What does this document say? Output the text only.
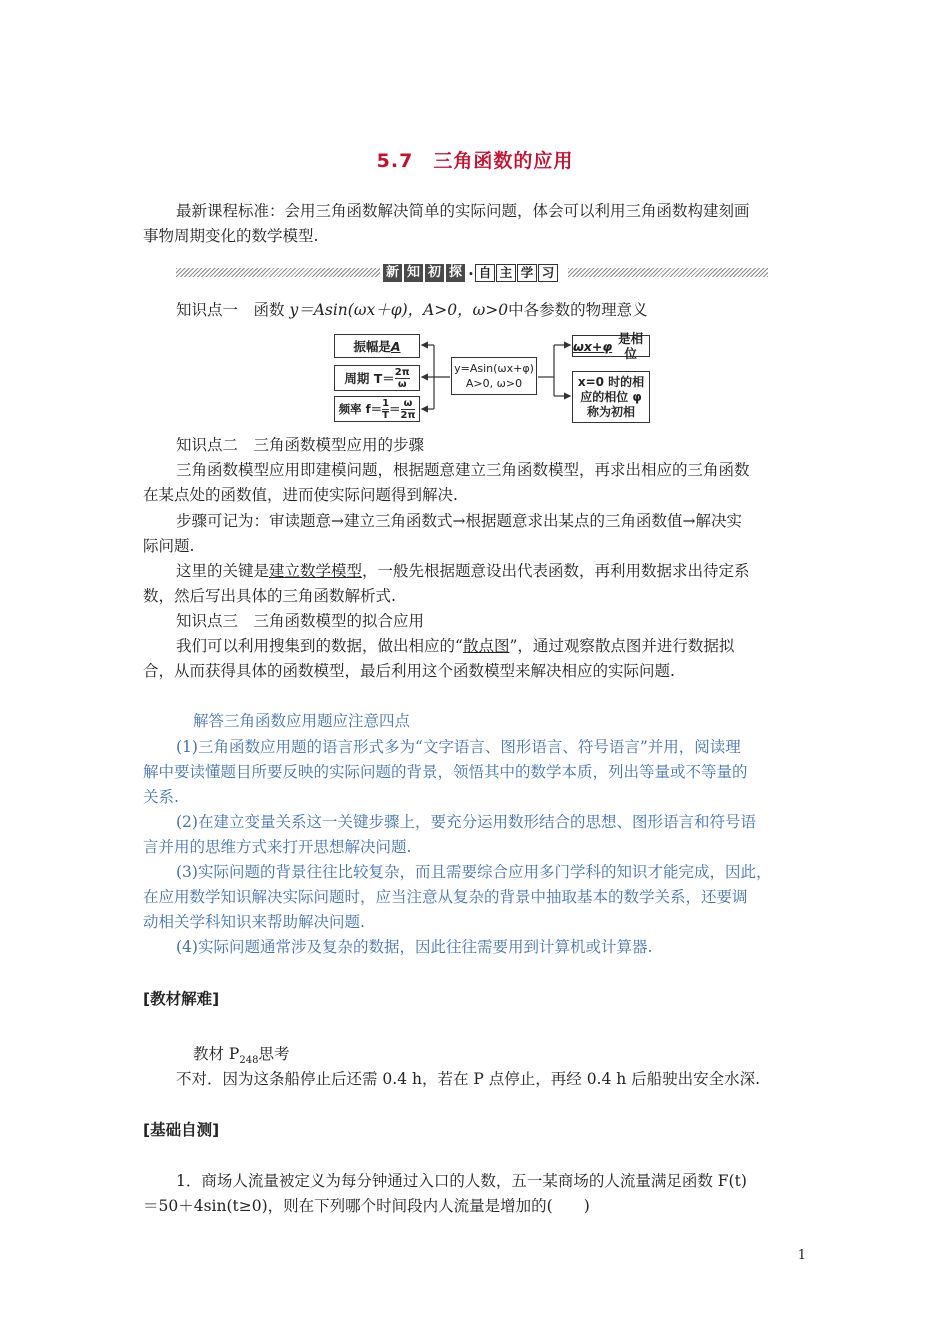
5.7　三角函数的应用
最新课程标准：会用三角函数解决简单的实际问题，体会可以利用三角函数构建刻画
事物周期变化的数学模型.
新 知 初 探 · 自 主 学 习
知识点一　函数 y＝Asin(ωx＋φ)，A>0，ω>0中各参数的物理意义
振幅是 A
周期 $T= \frac{2\pi}{\omega}$
频率 $f= \frac{1}{T} = \frac{\omega}{2\pi}$
y=Asin(ωx+φ)
A>0, ω>0
ωx+φ 是相位
x=0 时的相
应的相位 φ
称为初相
知识点二　三角函数模型应用的步骤
三角函数模型应用即建模问题，根据题意建立三角函数模型，再求出相应的三角函数
在某点处的函数值，进而使实际问题得到解决.
步骤可记为：审读题意→建立三角函数式→根据题意求出某点的三角函数值→解决实
际问题.
这里的关键是建立数学模型，一般先根据题意设出代表函数，再利用数据求出待定系
数，然后写出具体的三角函数解析式.
知识点三　三角函数模型的拟合应用
我们可以利用搜集到的数据，做出相应的“散点图”，通过观察散点图并进行数据拟
合，从而获得具体的函数模型，最后利用这个函数模型来解决相应的实际问题.
解答三角函数应用题应注意四点
(1)三角函数应用题的语言形式多为“文字语言、图形语言、符号语言”并用，阅读理
解中要读懂题目所要反映的实际问题的背景，领悟其中的数学本质，列出等量或不等量的
关系.
(2)在建立变量关系这一关键步骤上，要充分运用数形结合的思想、图形语言和符号语
言并用的思维方式来打开思想解决问题.
(3)实际问题的背景往往比较复杂，而且需要综合应用多门学科的知识才能完成，因此，
在应用数学知识解决实际问题时，应当注意从复杂的背景中抽取基本的数学关系，还要调
动相关学科知识来帮助解决问题.
(4)实际问题通常涉及复杂的数据，因此往往需要用到计算机或计算器.
[教材解难]
教材 $P_{248}$思考
不对．因为这条船停止后还需 0.4 h，若在 P 点停止，再经 0.4 h 后船驶出安全水深.
[基础自测]
1．商场人流量被定义为每分钟通过入口的人数，五一某商场的人流量满足函数 F(t)
＝50＋4sin(t≥0)，则在下列哪个时间段内人流量是增加的(　　)
1
